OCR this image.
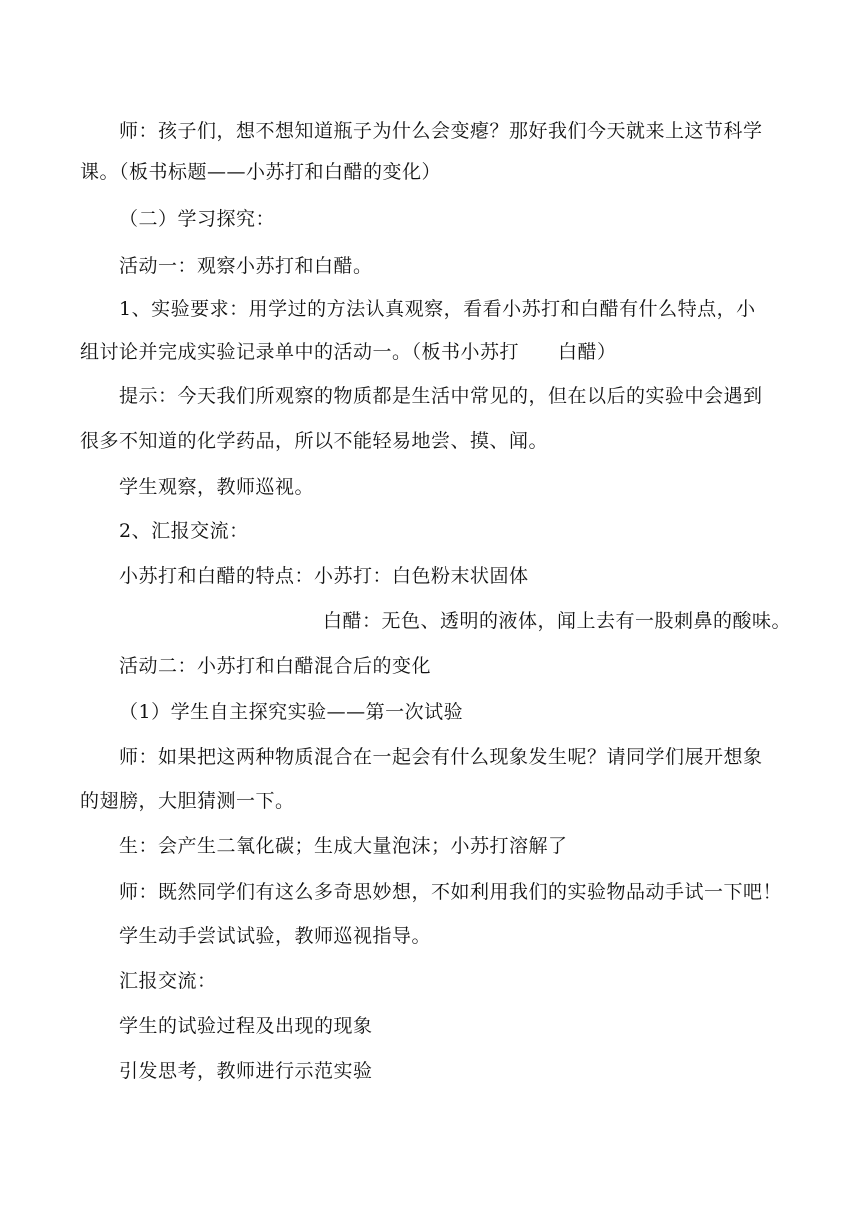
师：孩子们，想不想知道瓶子为什么会变瘪？那好我们今天就来上这节科学

课。（板书标题——小苏打和白醋的变化）

（二）学习探究：

活动一：观察小苏打和白醋。

1、实验要求：用学过的方法认真观察，看看小苏打和白醋有什么特点，小

组讨论并完成实验记录单中的活动一。（板书小苏打　　白醋）

提示：今天我们所观察的物质都是生活中常见的，但在以后的实验中会遇到

很多不知道的化学药品，所以不能轻易地尝、摸、闻。

学生观察，教师巡视。

2、汇报交流：

小苏打和白醋的特点：小苏打：白色粉末状固体

白醋：无色、透明的液体，闻上去有一股刺鼻的酸味。

活动二：小苏打和白醋混合后的变化

（1）学生自主探究实验——第一次试验

师：如果把这两种物质混合在一起会有什么现象发生呢？请同学们展开想象

的翅膀，大胆猜测一下。

生：会产生二氧化碳；生成大量泡沫；小苏打溶解了

师：既然同学们有这么多奇思妙想，不如利用我们的实验物品动手试一下吧！

学生动手尝试试验，教师巡视指导。

汇报交流：

学生的试验过程及出现的现象

引发思考，教师进行示范实验
